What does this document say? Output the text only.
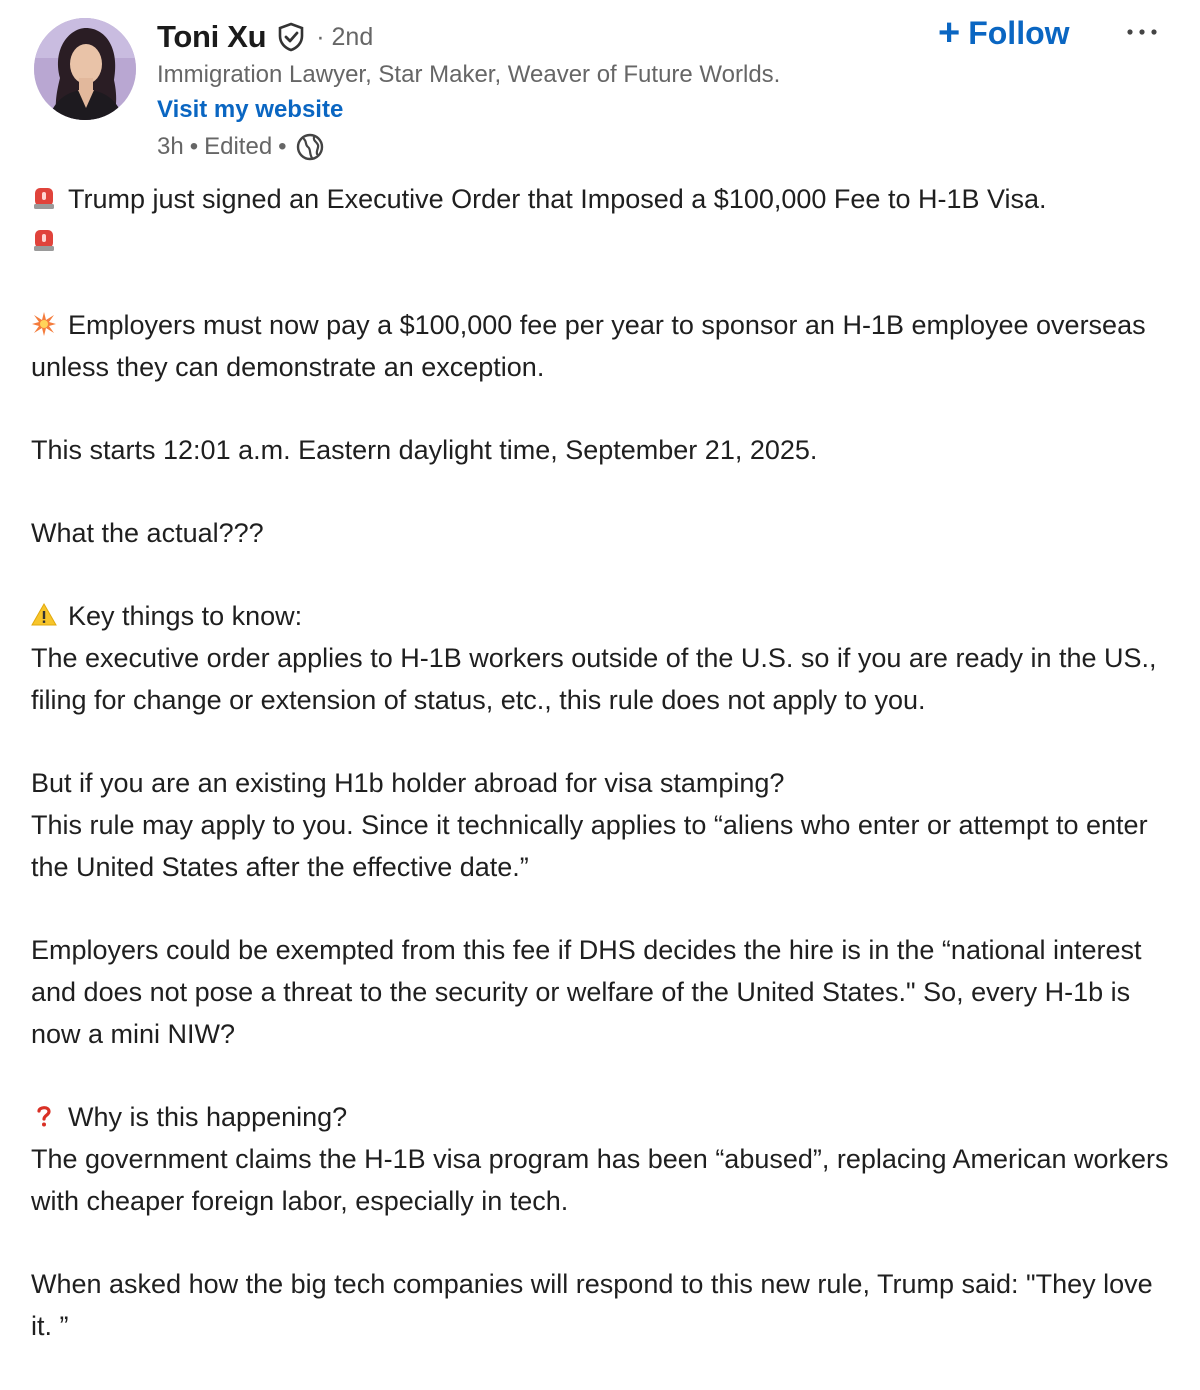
Toni Xu · 2nd
Immigration Lawyer, Star Maker, Weaver of Future Worlds.
Visit my website
3h • Edited •
+ Follow

Trump just signed an Executive Order that Imposed a $100,000 Fee to H-1B Visa.

Employers must now pay a $100,000 fee per year to sponsor an H-1B employee overseas unless they can demonstrate an exception.

This starts 12:01 a.m. Eastern daylight time, September 21, 2025.

What the actual???

Key things to know:
The executive order applies to H-1B workers outside of the U.S. so if you are ready in the US., filing for change or extension of status, etc., this rule does not apply to you.

But if you are an existing H1b holder abroad for visa stamping?
This rule may apply to you. Since it technically applies to “aliens who enter or attempt to enter the United States after the effective date.”

Employers could be exempted from this fee if DHS decides the hire is in the “national interest and does not pose a threat to the security or welfare of the United States." So, every H-1b is now a mini NIW?

Why is this happening?
The government claims the H-1B visa program has been “abused”, replacing American workers with cheaper foreign labor, especially in tech.

When asked how the big tech companies will respond to this new rule, Trump said: "They love it. ”
